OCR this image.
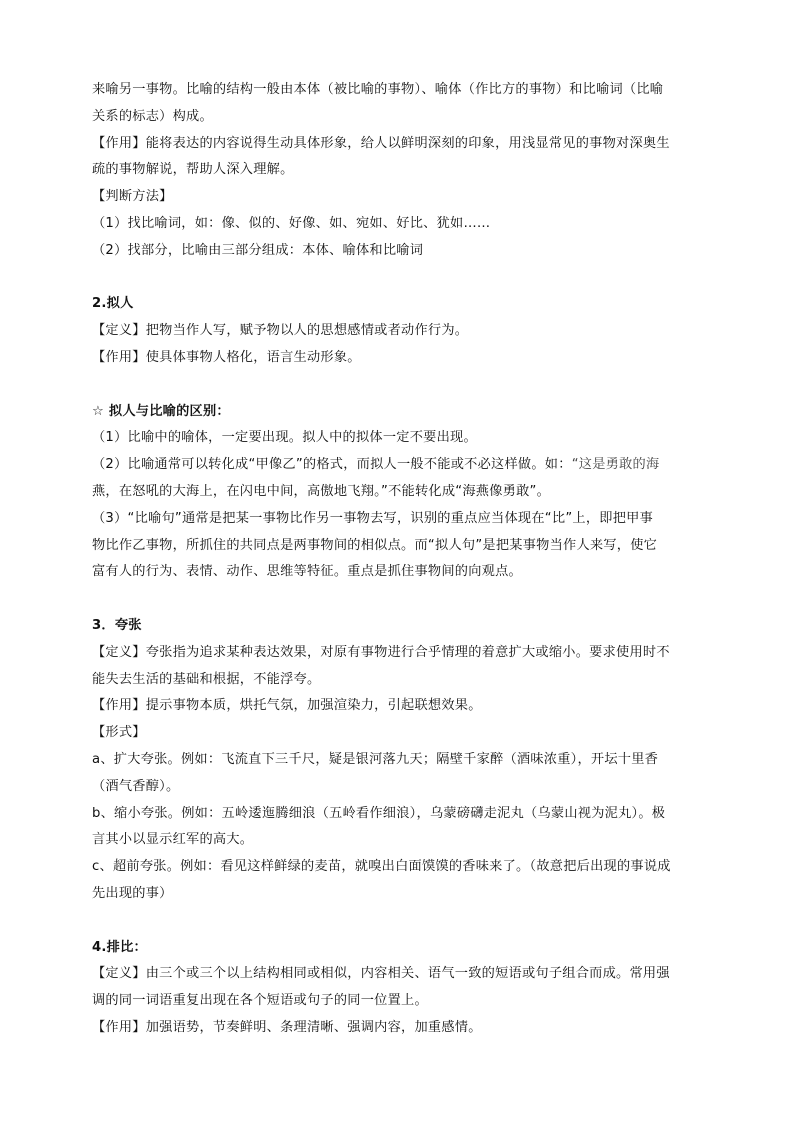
来喻另一事物。比喻的结构一般由本体（被比喻的事物）、喻体（作比方的事物）和比喻词（比喻
关系的标志）构成。
【作用】能将表达的内容说得生动具体形象，给人以鲜明深刻的印象，用浅显常见的事物对深奥生
疏的事物解说，帮助人深入理解。
【判断方法】
（1）找比喻词，如：像、似的、好像、如、宛如、好比、犹如……
（2）找部分，比喻由三部分组成：本体、喻体和比喻词
2.拟人
【定义】把物当作人写，赋予物以人的思想感情或者动作行为。
【作用】使具体事物人格化，语言生动形象。
☆ 拟人与比喻的区别：
（1）比喻中的喻体，一定要出现。拟人中的拟体一定不要出现。
（2）比喻通常可以转化成“甲像乙”的格式，而拟人一般不能或不必这样做。如：“这是勇敢的海
燕，在怒吼的大海上，在闪电中间，高傲地飞翔。”不能转化成“海燕像勇敢”。
（3）“比喻句”通常是把某一事物比作另一事物去写，识别的重点应当体现在“比”上，即把甲事
物比作乙事物，所抓住的共同点是两事物间的相似点。而“拟人句”是把某事物当作人来写，使它
富有人的行为、表情、动作、思维等特征。重点是抓住事物间的向观点。
3．夸张
【定义】夸张指为追求某种表达效果，对原有事物进行合乎情理的着意扩大或缩小。要求使用时不
能失去生活的基础和根据，不能浮夸。
【作用】提示事物本质，烘托气氛，加强渲染力，引起联想效果。
【形式】
a、扩大夸张。例如：飞流直下三千尺，疑是银河落九天；隔壁千家醉（酒味浓重），开坛十里香
（酒气香醇）。
b、缩小夸张。例如：五岭逶迤腾细浪（五岭看作细浪），乌蒙磅礴走泥丸（乌蒙山视为泥丸）。极
言其小以显示红军的高大。
c、超前夸张。例如：看见这样鲜绿的麦苗，就嗅出白面馍馍的香味来了。（故意把后出现的事说成
先出现的事）
4.排比：
【定义】由三个或三个以上结构相同或相似，内容相关、语气一致的短语或句子组合而成。常用强
调的同一词语重复出现在各个短语或句子的同一位置上。
【作用】加强语势，节奏鲜明、条理清晰、强调内容，加重感情。
